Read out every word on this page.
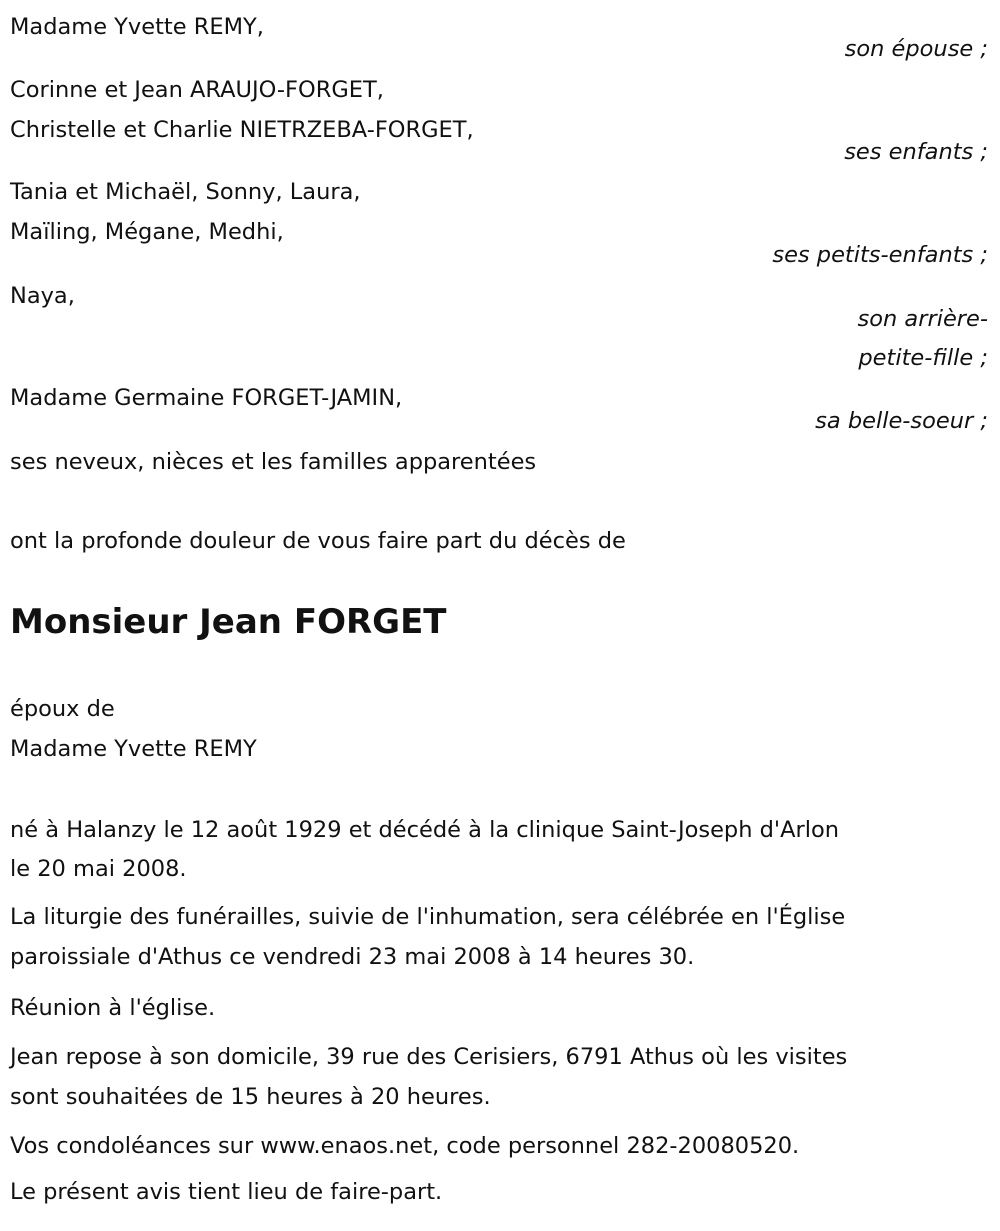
Madame Yvette REMY,
son épouse ;
Corinne et Jean ARAUJO-FORGET,
Christelle et Charlie NIETRZEBA-FORGET,
ses enfants ;
Tania et Michaël, Sonny, Laura,
Maïling, Mégane, Medhi,
ses petits-enfants ;
Naya,
son arrière-
petite-fille ;
Madame Germaine FORGET-JAMIN,
sa belle-soeur ;
ses neveux, nièces et les familles apparentées
ont la profonde douleur de vous faire part du décès de
Monsieur Jean FORGET
époux de
Madame Yvette REMY
né à Halanzy le 12 août 1929 et décédé à la clinique Saint-Joseph d'Arlon
le 20 mai 2008.
La liturgie des funérailles, suivie de l'inhumation, sera célébrée en l'Église
paroissiale d'Athus ce vendredi 23 mai 2008 à 14 heures 30.
Réunion à l'église.
Jean repose à son domicile, 39 rue des Cerisiers, 6791 Athus où les visites
sont souhaitées de 15 heures à 20 heures.
Vos condoléances sur www.enaos.net, code personnel 282-20080520.
Le présent avis tient lieu de faire-part.
